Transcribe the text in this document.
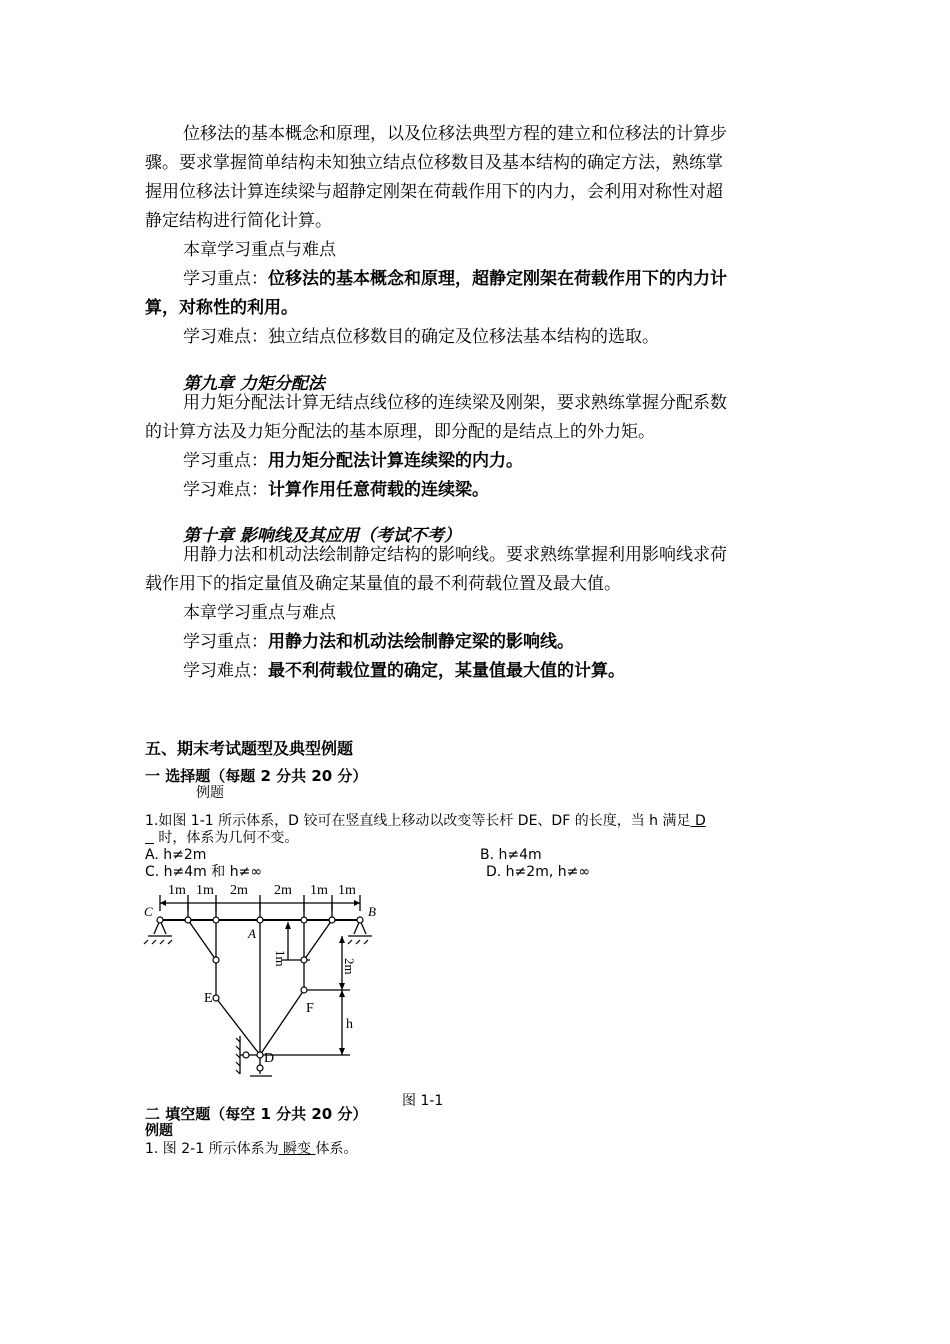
位移法的基本概念和原理，以及位移法典型方程的建立和位移法的计算步
骤。要求掌握简单结构未知独立结点位移数目及基本结构的确定方法，熟练掌
握用位移法计算连续梁与超静定刚架在荷载作用下的内力，会利用对称性对超
静定结构进行简化计算。
本章学习重点与难点
学习重点：位移法的基本概念和原理，超静定刚架在荷载作用下的内力计
算，对称性的利用。
学习难点：独立结点位移数目的确定及位移法基本结构的选取。
第九章 力矩分配法
用力矩分配法计算无结点线位移的连续梁及刚架，要求熟练掌握分配系数
的计算方法及力矩分配法的基本原理，即分配的是结点上的外力矩。
学习重点：用力矩分配法计算连续梁的内力。
学习难点：计算作用任意荷载的连续梁。
第十章 影响线及其应用（考试不考）
用静力法和机动法绘制静定结构的影响线。要求熟练掌握利用影响线求荷
载作用下的指定量值及确定某量值的最不利荷载位置及最大值。
本章学习重点与难点
学习重点：用静力法和机动法绘制静定梁的影响线。
学习难点：最不利荷载位置的确定，某量值最大值的计算。
五、期末考试题型及典型例题
一 选择题（每题 2 分共 20 分）
例题
1.如图 1-1 所示体系，D 铰可在竖直线上移动以改变等长杆 DE、DF 的长度，当 h 满足 D
时，体系为几何不变。
A. h≠2m	B. h≠4m
C. h≠4m 和 h≠∞	D. h≠2m, h≠∞
1m 1m 2m 2m 1m 1m
C	B
A
E
F
D
1m	2m
h
图 1-1
二 填空题（每空 1 分共 20 分）
例题
1. 图 2-1 所示体系为 瞬变 体系。
